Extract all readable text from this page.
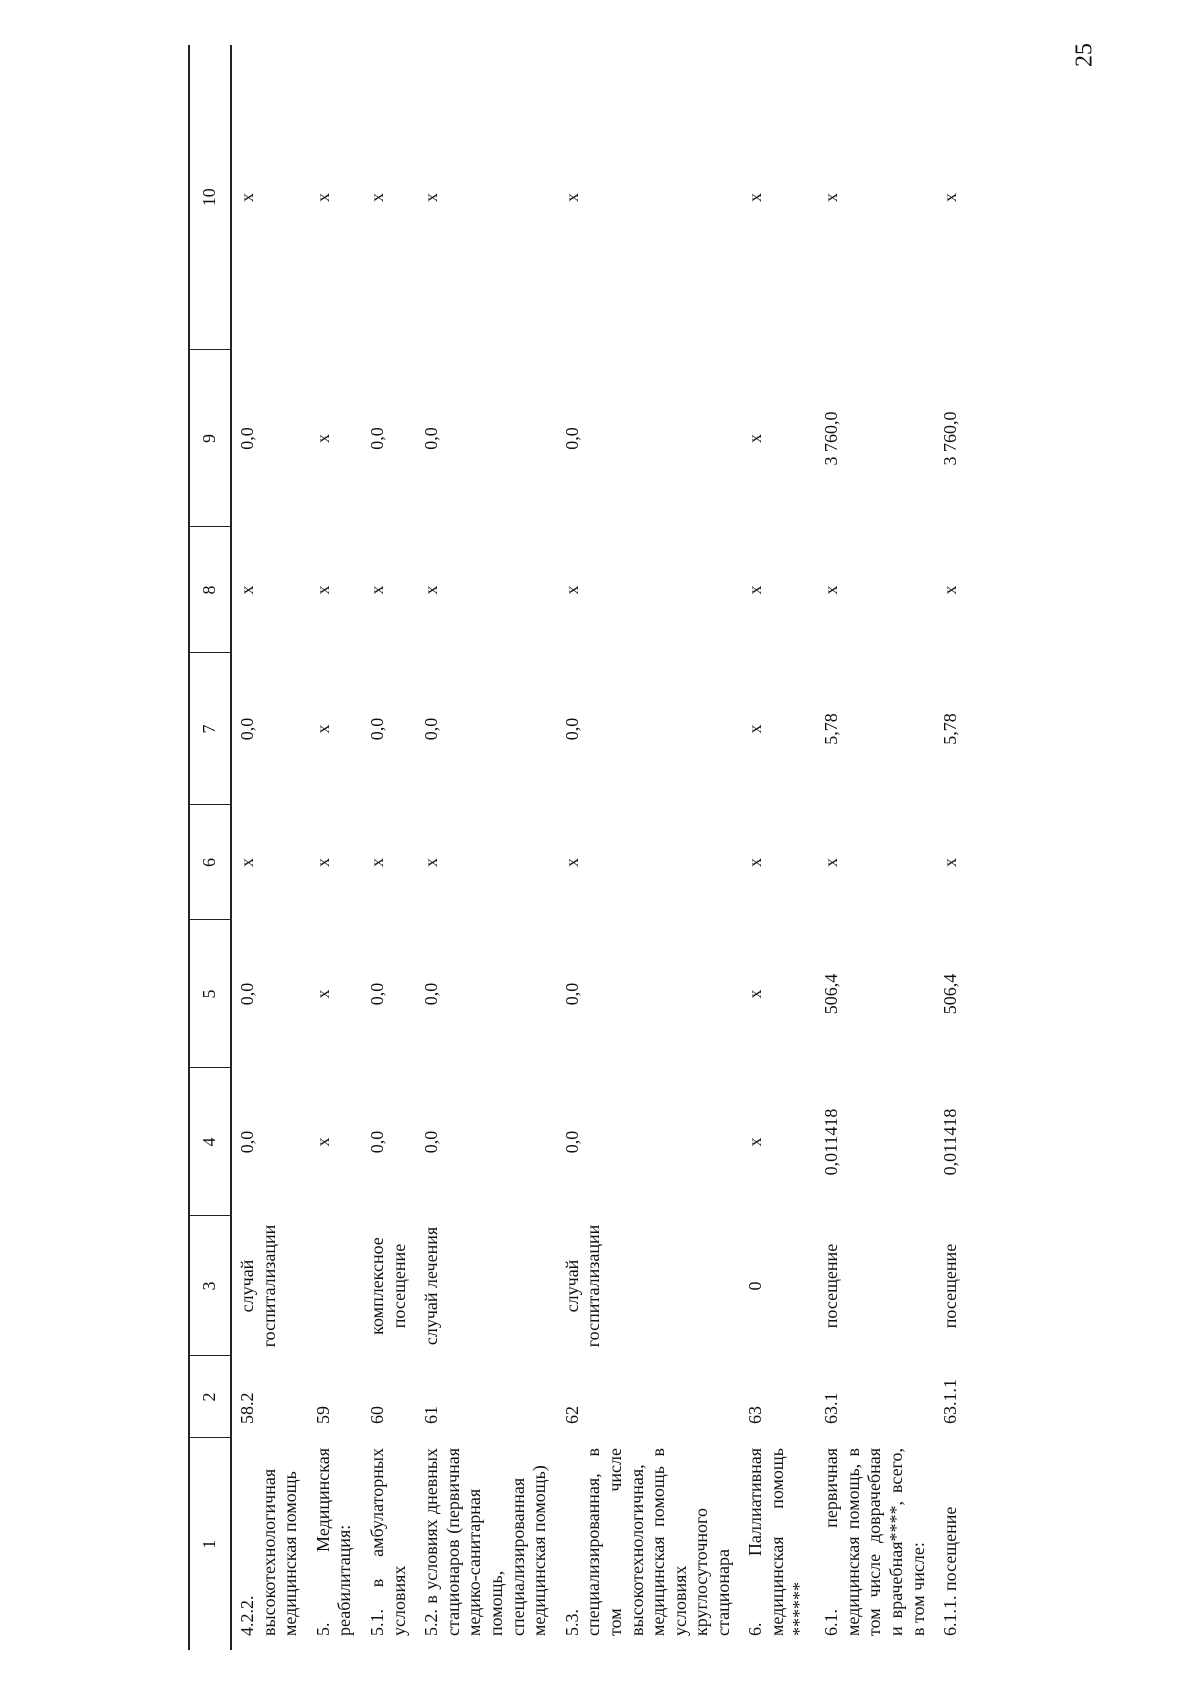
25
1	2	3	4	5	6	7	8	9	10
4.2.2. высокотехнологичная медицинская помощь	58.2	случай госпитализации	0,0	0,0	x	0,0	x	0,0	x
5. Медицинская реабилитация:	59		x	x	x	x	x	x	x
5.1. в амбулаторных условиях	60	комплексное посещение	0,0	0,0	x	0,0	x	0,0	x
5.2. в условиях дневных стационаров (первичная медико-санитарная помощь, специализированная медицинская помощь)	61	случай лечения	0,0	0,0	x	0,0	x	0,0	x
5.3. специализированная, в том числе высокотехнологичная, медицинская помощь в условиях круглосуточного стационара	62	случай госпитализации	0,0	0,0	x	0,0	x	0,0	x
6. Паллиативная медицинская помощь ******	63	0	x	x	x	x	x	x	x
6.1. первичная медицинская помощь, в том числе доврачебная и врачебная****, всего, в том числе:	63.1	посещение	0,011418	506,4	x	5,78	x	3 760,0	x
6.1.1. посещение	63.1.1	посещение	0,011418	506,4	x	5,78	x	3 760,0	x
